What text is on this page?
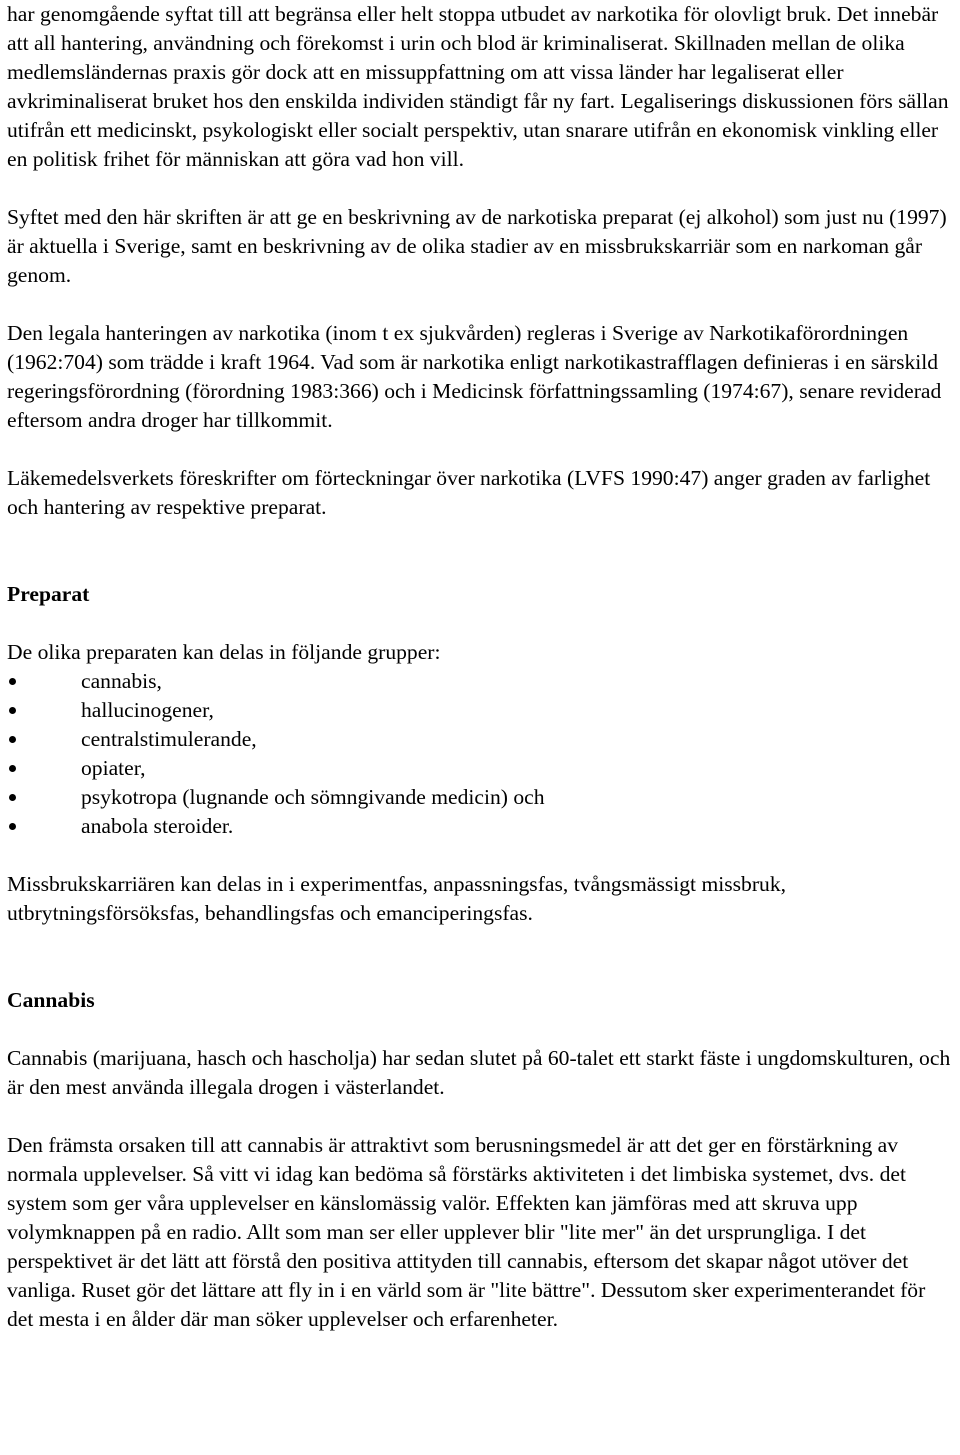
har genomgående syftat till att begränsa eller helt stoppa utbudet av narkotika för olovligt bruk. Det innebär att all hantering, användning och förekomst i urin och blod är kriminaliserat. Skillnaden mellan de olika medlemsländernas praxis gör dock att en missuppfattning om att vissa länder har legaliserat eller avkriminaliserat bruket hos den enskilda individen ständigt får ny fart. Legaliserings diskussionen förs sällan utifrån ett medicinskt, psykologiskt eller socialt perspektiv, utan snarare utifrån en ekonomisk vinkling eller en politisk frihet för människan att göra vad hon vill.

Syftet med den här skriften är att ge en beskrivning av de narkotiska preparat (ej alkohol) som just nu (1997) är aktuella i Sverige, samt en beskrivning av de olika stadier av en missbrukskarriär som en narkoman går genom.

Den legala hanteringen av narkotika (inom t ex sjukvården) regleras i Sverige av Narkotikaförordningen (1962:704) som trädde i kraft 1964. Vad som är narkotika enligt narkotikastrafflagen definieras i en särskild regeringsförordning (förordning 1983:366) och i Medicinsk författningssamling (1974:67), senare reviderad eftersom andra droger har tillkommit.

Läkemedelsverkets föreskrifter om förteckningar över narkotika (LVFS 1990:47) anger graden av farlighet och hantering av respektive preparat.

Preparat

De olika preparaten kan delas in följande grupper:

cannabis,
hallucinogener,
centralstimulerande,
opiater,
psykotropa (lugnande och sömngivande medicin) och
anabola steroider.

Missbrukskarriären kan delas in i experimentfas, anpassningsfas, tvångsmässigt missbruk, utbrytningsförsöksfas, behandlingsfas och emanciperingsfas.

Cannabis

Cannabis (marijuana, hasch och hascholja) har sedan slutet på 60-talet ett starkt fäste i ungdomskulturen, och är den mest använda illegala drogen i västerlandet.

Den främsta orsaken till att cannabis är attraktivt som berusningsmedel är att det ger en förstärkning av normala upplevelser. Så vitt vi idag kan bedöma så förstärks aktiviteten i det limbiska systemet, dvs. det system som ger våra upplevelser en känslomässig valör. Effekten kan jämföras med att skruva upp volymknappen på en radio. Allt som man ser eller upplever blir "lite mer" än det ursprungliga. I det perspektivet är det lätt att förstå den positiva attityden till cannabis, eftersom det skapar något utöver det vanliga. Ruset gör det lättare att fly in i en värld som är "lite bättre". Dessutom sker experimenterandet för det mesta i en ålder där man söker upplevelser och erfarenheter.
